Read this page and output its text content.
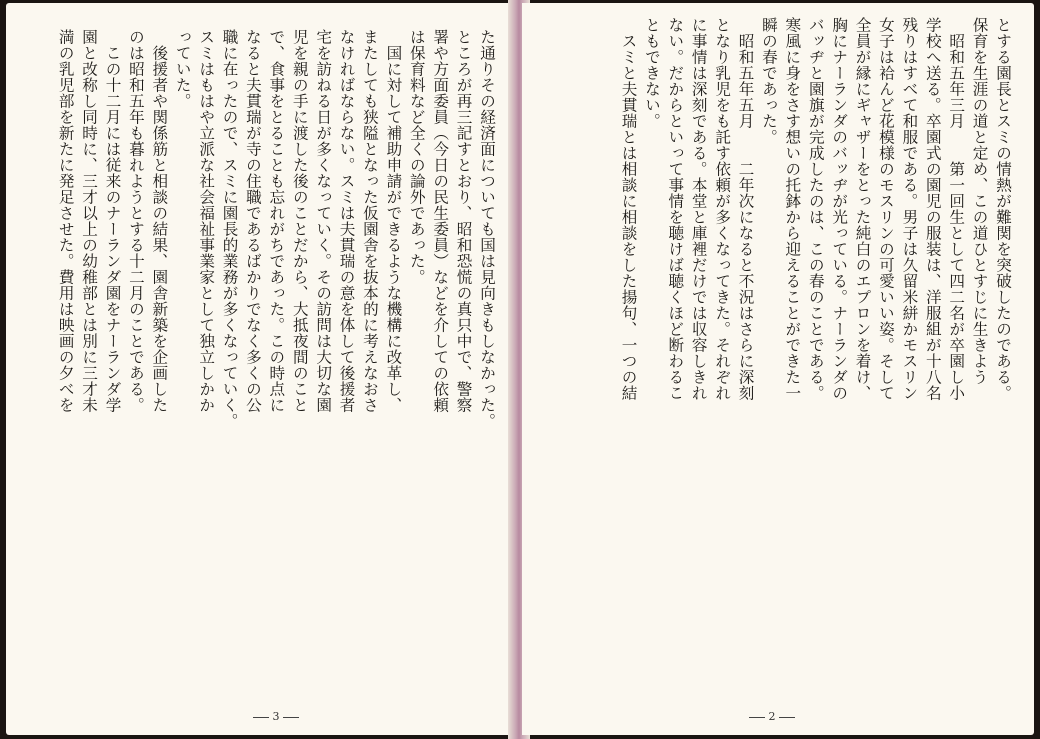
た通りその経済面についても国は見向きもしなかった。
ところが再三記すとおり、昭和恐慌の真只中で、警察
署や方面委員（今日の民生委員）などを介しての依頼
は保育料など全くの論外であった。
　国に対して補助申請ができるような機構に改革し、
またしても狭隘となった仮園舎を抜本的に考えなおさ
なければならない。スミは夫貫瑞の意を体して後援者
宅を訪ねる日が多くなっていく。その訪問は大切な園
児を親の手に渡した後のことだから、大抵夜間のこと
で、食事をとることも忘れがちであった。この時点に
なると夫貫瑞が寺の住職であるばかりでなく多くの公
職に在ったので、スミに園長的業務が多くなっていく。
スミはもはや立派な社会福祉事業家として独立しかか
っていた。
　後援者や関係筋と相談の結果、園舎新築を企画した
のは昭和五年も暮れようとする十二月のことである。
　この十二月には従来のナーランダ園をナーランダ学
園と改称し同時に、三才以上の幼稚部とは別に三才未
満の乳児部を新たに発足させた。費用は映画の夕べを
3
とする園長とスミの情熱が難関を突破したのである。
保育を生涯の道と定め、この道ひとすじに生きよう
　昭和五年三月　　第一回生として四二名が卒園し小
学校へ送る。卒園式の園児の服装は、洋服組が十八名
残りはすべて和服である。男子は久留米絣かモスリン
女子は袷んど花模様のモスリンの可愛いい姿。そして
全員が縁にギャザーをとった純白のエプロンを着け、
胸にナーランダのバッヂが光っている。ナーランダの
バッヂと園旗が完成したのは、この春のことである。
寒風に身をさす想いの托鉢から迎えることができた一
瞬の春であった。
　昭和五年五月　　二年次になると不況はさらに深刻
となり乳児をも託す依頼が多くなってきた。それぞれ
に事情は深刻である。本堂と庫裡だけでは収容しきれ
ない。だからといって事情を聴けば聴くほど断わるこ
ともできない。
　スミと夫貫瑞とは相談に相談をした揚句、一つの結
2
